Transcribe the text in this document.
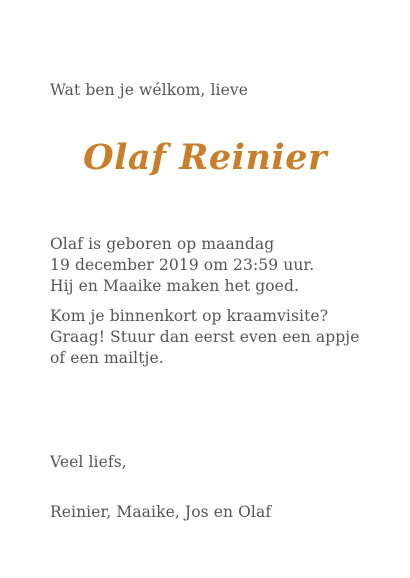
Wat ben je wélkom, lieve
Olaf Reinier
Olaf is geboren op maandag
19 december 2019 om 23:59 uur.
Hij en Maaike maken het goed.
Kom je binnenkort op kraamvisite?
Graag! Stuur dan eerst even een appje
of een mailtje.
Veel liefs,
Reinier, Maaike, Jos en Olaf
